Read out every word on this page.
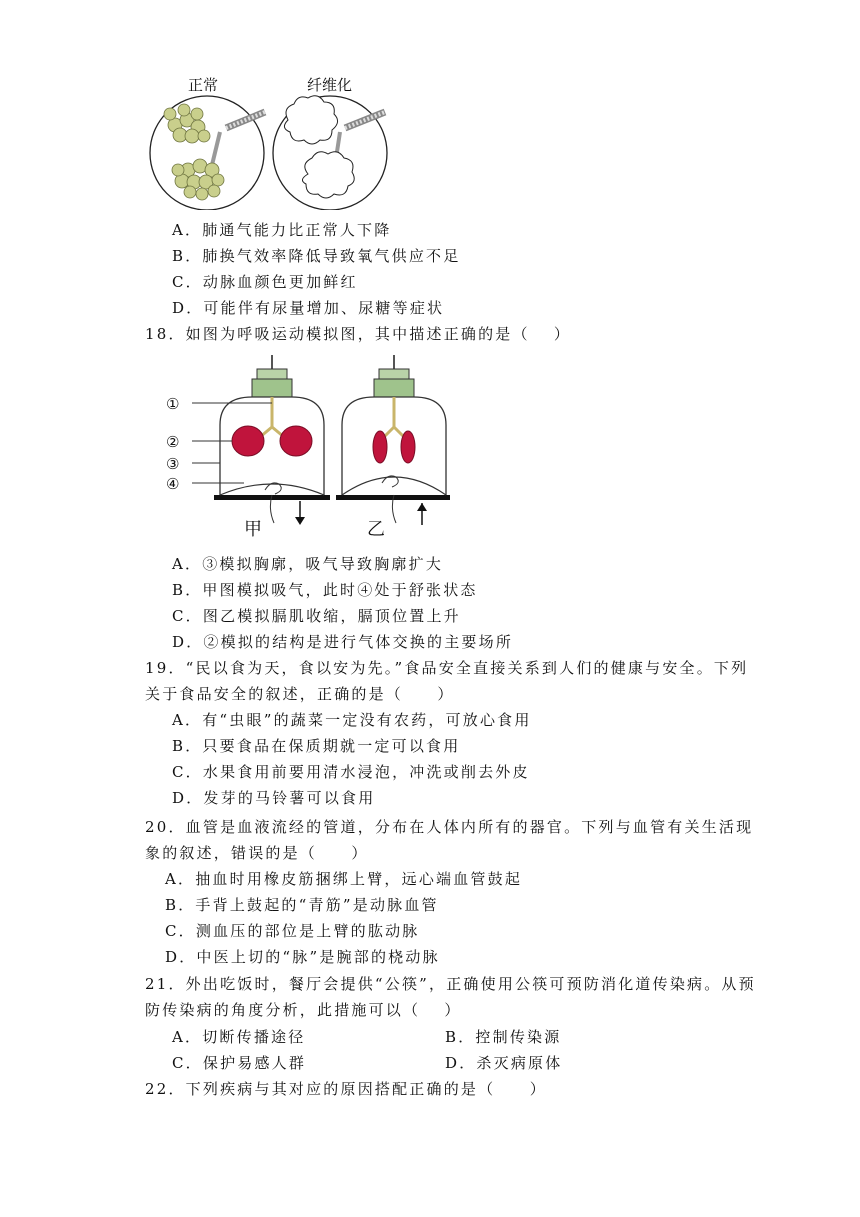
正常	纤维化
A．肺通气能力比正常人下降
B．肺换气效率降低导致氧气供应不足
C．动脉血颜色更加鲜红
D．可能伴有尿量增加、尿糖等症状
18．如图为呼吸运动模拟图，其中描述正确的是（　 ）
①
②
③
④
甲	乙
A．③模拟胸廓，吸气导致胸廓扩大
B．甲图模拟吸气，此时④处于舒张状态
C．图乙模拟膈肌收缩，膈顶位置上升
D．②模拟的结构是进行气体交换的主要场所
19．“民以食为天，食以安为先。”食品安全直接关系到人们的健康与安全。下列
关于食品安全的叙述，正确的是（　　）
A．有“虫眼”的蔬菜一定没有农药，可放心食用
B．只要食品在保质期就一定可以食用
C．水果食用前要用清水浸泡，冲洗或削去外皮
D．发芽的马铃薯可以食用
20．血管是血液流经的管道，分布在人体内所有的器官。下列与血管有关生活现
象的叙述，错误的是（　　）
A．抽血时用橡皮筋捆绑上臂，远心端血管鼓起
B．手背上鼓起的“青筋”是动脉血管
C．测血压的部位是上臂的肱动脉
D．中医上切的“脉”是腕部的桡动脉
21．外出吃饭时，餐厅会提供“公筷”，正确使用公筷可预防消化道传染病。从预
防传染病的角度分析，此措施可以（　 ）
A．切断传播途径	B．控制传染源
C．保护易感人群	D．杀灭病原体
22．下列疾病与其对应的原因搭配正确的是（　　）
